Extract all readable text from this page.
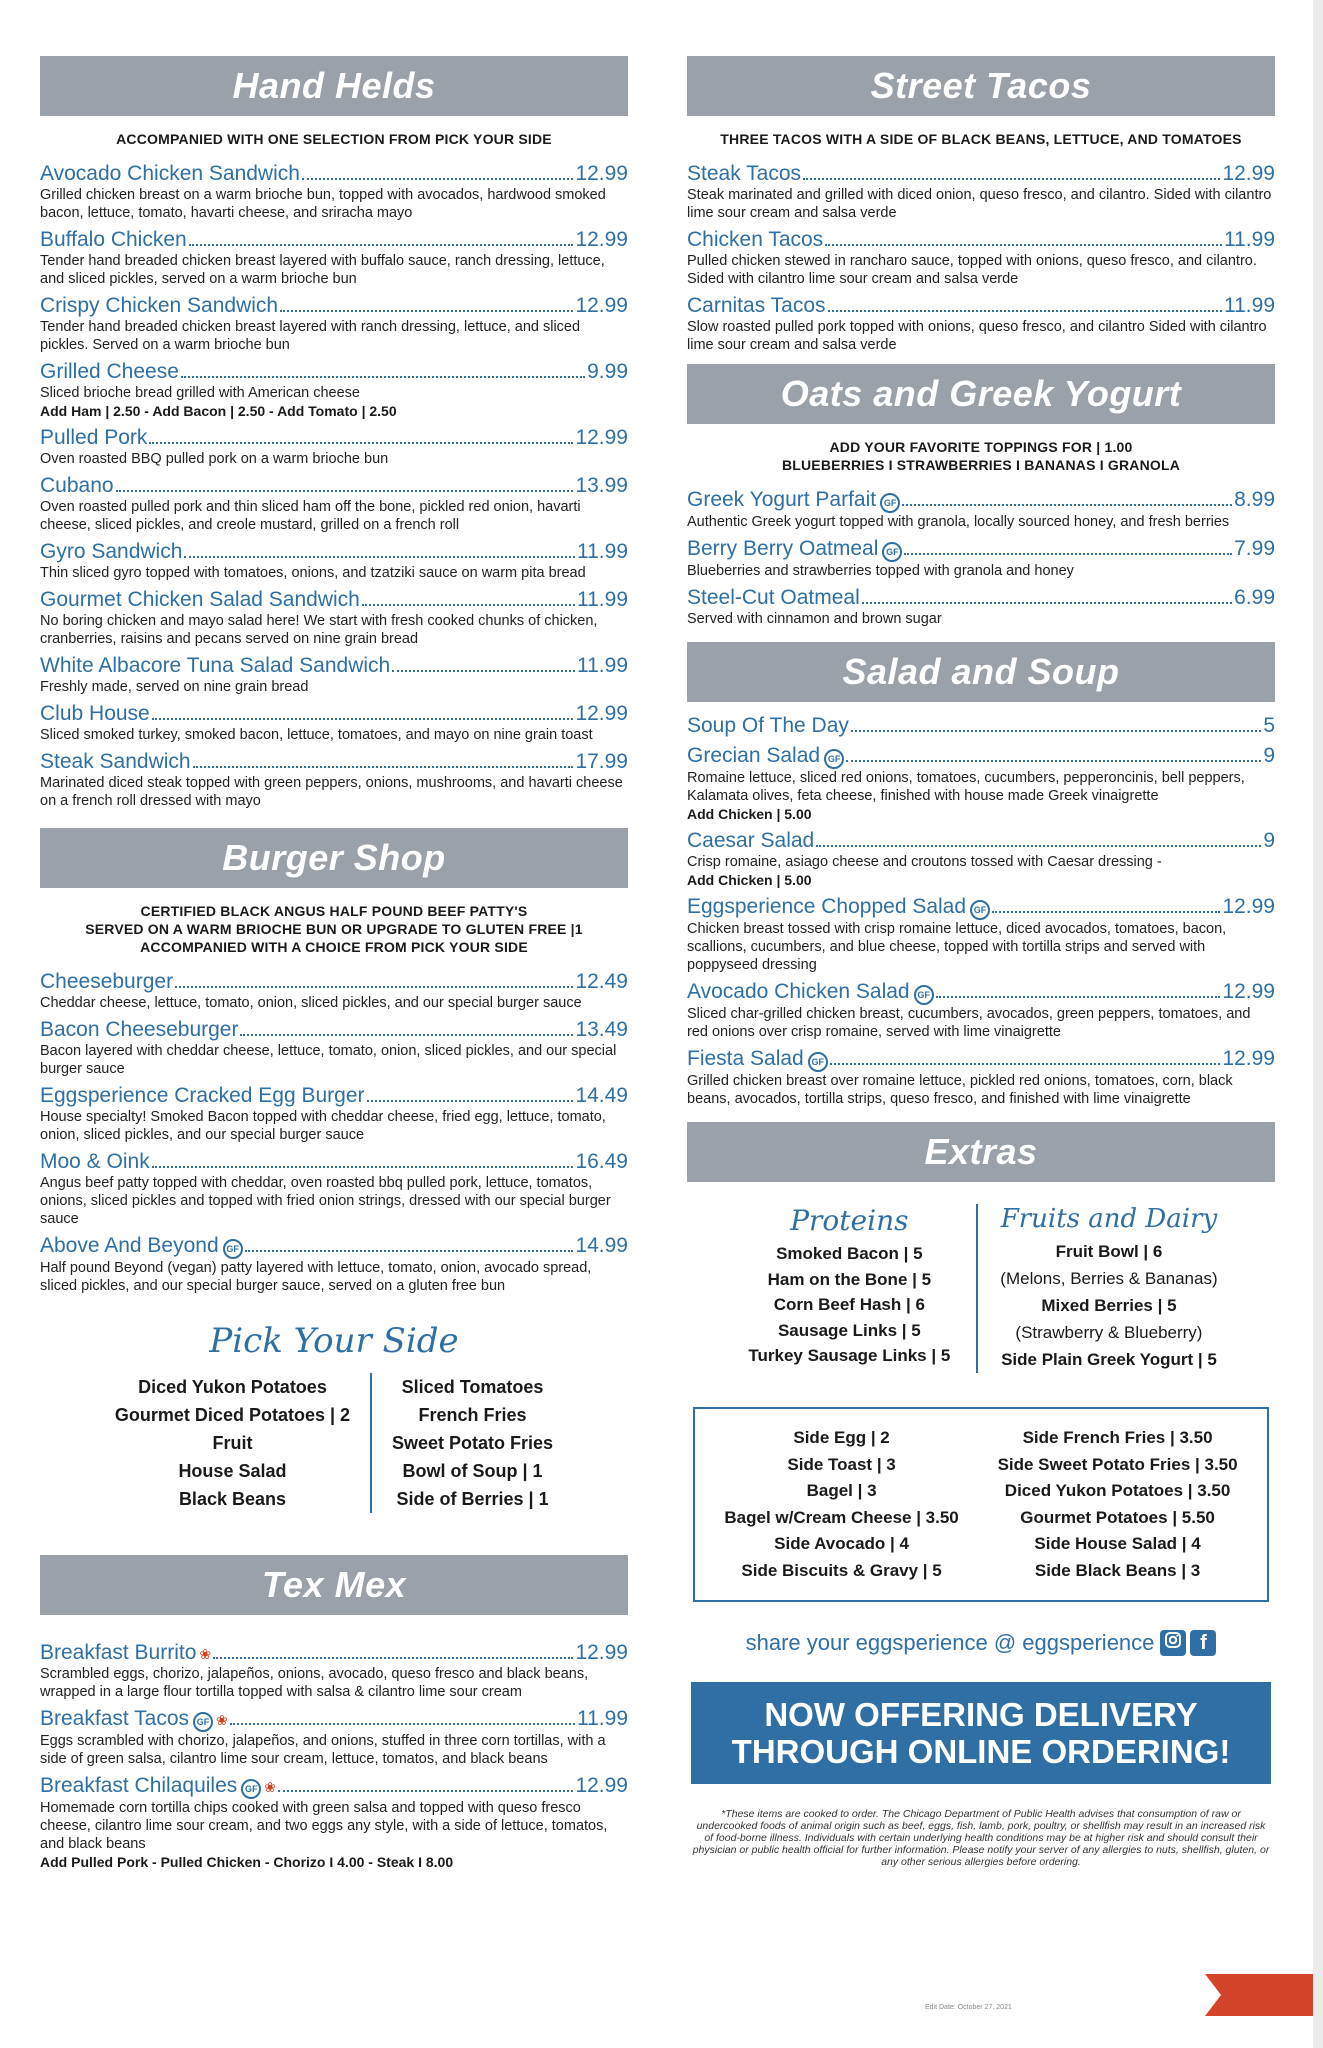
Hand Helds
ACCOMPANIED WITH ONE SELECTION FROM PICK YOUR SIDE
Avocado Chicken Sandwich	12.99
Grilled chicken breast on a warm brioche bun, topped with avocados, hardwood smoked bacon, lettuce, tomato, havarti cheese, and sriracha mayo
Buffalo Chicken	12.99
Tender hand breaded chicken breast layered with buffalo sauce, ranch dressing, lettuce, and sliced pickles, served on a warm brioche bun
Crispy Chicken Sandwich	12.99
Tender hand breaded chicken breast layered with ranch dressing, lettuce, and sliced pickles. Served on a warm brioche bun
Grilled Cheese	9.99
Sliced brioche bread grilled with American cheese
Add Ham | 2.50 - Add Bacon | 2.50 - Add Tomato | 2.50
Pulled Pork	12.99
Oven roasted BBQ pulled pork on a warm brioche bun
Cubano	13.99
Oven roasted pulled pork and thin sliced ham off the bone, pickled red onion, havarti cheese, sliced pickles, and creole mustard, grilled on a french roll
Gyro Sandwich	11.99
Thin sliced gyro topped with tomatoes, onions, and tzatziki sauce on warm pita bread
Gourmet Chicken Salad Sandwich	11.99
No boring chicken and mayo salad here! We start with fresh cooked chunks of chicken, cranberries, raisins and pecans served on nine grain bread
White Albacore Tuna Salad Sandwich	11.99
Freshly made, served on nine grain bread
Club House	12.99
Sliced smoked turkey, smoked bacon, lettuce, tomatoes, and mayo on nine grain toast
Steak Sandwich	17.99
Marinated diced steak topped with green peppers, onions, mushrooms, and havarti cheese on a french roll dressed with mayo
Burger Shop
CERTIFIED BLACK ANGUS HALF POUND BEEF PATTY'S
SERVED ON A WARM BRIOCHE BUN OR UPGRADE TO GLUTEN FREE |1
ACCOMPANIED WITH A CHOICE FROM PICK YOUR SIDE
Cheeseburger	12.49
Cheddar cheese, lettuce, tomato, onion, sliced pickles, and our special burger sauce
Bacon Cheeseburger	13.49
Bacon layered with cheddar cheese, lettuce, tomato, onion, sliced pickles, and our special burger sauce
Eggsperience Cracked Egg Burger	14.49
House specialty! Smoked Bacon topped with cheddar cheese, fried egg, lettuce, tomato, onion, sliced pickles, and our special burger sauce
Moo & Oink	16.49
Angus beef patty topped with cheddar, oven roasted bbq pulled pork, lettuce, tomatos, onions, sliced pickles and topped with fried onion strings, dressed with our special burger sauce
Above And Beyond GF	14.99
Half pound Beyond (vegan) patty layered with lettuce, tomato, onion, avocado spread, sliced pickles, and our special burger sauce, served on a gluten free bun
Pick Your Side
Diced Yukon Potatoes
Gourmet Diced Potatoes | 2
Fruit
House Salad
Black Beans
Sliced Tomatoes
French Fries
Sweet Potato Fries
Bowl of Soup | 1
Side of Berries | 1
Tex Mex
Breakfast Burrito ❀	12.99
Scrambled eggs, chorizo, jalapeños, onions, avocado, queso fresco and black beans, wrapped in a large flour tortilla topped with salsa & cilantro lime sour cream
Breakfast Tacos GF ❀	11.99
Eggs scrambled with chorizo, jalapeños, and onions, stuffed in three corn tortillas, with a side of green salsa, cilantro lime sour cream, lettuce, tomatos, and black beans
Breakfast Chilaquiles GF ❀	12.99
Homemade corn tortilla chips cooked with green salsa and topped with queso fresco cheese, cilantro lime sour cream, and two eggs any style, with a side of lettuce, tomatos, and black beans
Add Pulled Pork - Pulled Chicken - Chorizo I 4.00 - Steak I 8.00
Street Tacos
THREE TACOS WITH A SIDE OF BLACK BEANS, LETTUCE, AND TOMATOES
Steak Tacos	12.99
Steak marinated and grilled with diced onion, queso fresco, and cilantro. Sided with cilantro lime sour cream and salsa verde
Chicken Tacos	11.99
Pulled chicken stewed in rancharo sauce, topped with onions, queso fresco, and cilantro. Sided with cilantro lime sour cream and salsa verde
Carnitas Tacos	11.99
Slow roasted pulled pork topped with onions, queso fresco, and cilantro Sided with cilantro lime sour cream and salsa verde
Oats and Greek Yogurt
ADD YOUR FAVORITE TOPPINGS FOR | 1.00
BLUEBERRIES I STRAWBERRIES I BANANAS I GRANOLA
Greek Yogurt Parfait GF	8.99
Authentic Greek yogurt topped with granola, locally sourced honey, and fresh berries
Berry Berry Oatmeal GF	7.99
Blueberries and strawberries topped with granola and honey
Steel-Cut Oatmeal	6.99
Served with cinnamon and brown sugar
Salad and Soup
Soup Of The Day	5
Grecian Salad GF	9
Romaine lettuce, sliced red onions, tomatoes, cucumbers, pepperoncinis, bell peppers, Kalamata olives, feta cheese, finished with house made Greek vinaigrette
Add Chicken | 5.00
Caesar Salad	9
Crisp romaine, asiago cheese and croutons tossed with Caesar dressing -
Add Chicken | 5.00
Eggsperience Chopped Salad GF	12.99
Chicken breast tossed with crisp romaine lettuce, diced avocados, tomatoes, bacon, scallions, cucumbers, and blue cheese, topped with tortilla strips and served with poppyseed dressing
Avocado Chicken Salad GF	12.99
Sliced char-grilled chicken breast, cucumbers, avocados, green peppers, tomatoes, and red onions over crisp romaine, served with lime vinaigrette
Fiesta Salad GF	12.99
Grilled chicken breast over romaine lettuce, pickled red onions, tomatoes, corn, black beans, avocados, tortilla strips, queso fresco, and finished with lime vinaigrette
Extras
Proteins
Smoked Bacon | 5
Ham on the Bone | 5
Corn Beef Hash | 6
Sausage Links | 5
Turkey Sausage Links | 5
Fruits and Dairy
Fruit Bowl | 6
(Melons, Berries & Bananas)
Mixed Berries | 5
(Strawberry & Blueberry)
Side Plain Greek Yogurt | 5
Side Egg | 2
Side Toast | 3
Bagel | 3
Bagel w/Cream Cheese | 3.50
Side Avocado | 4
Side Biscuits & Gravy | 5
Side French Fries | 3.50
Side Sweet Potato Fries | 3.50
Diced Yukon Potatoes | 3.50
Gourmet Potatoes | 5.50
Side House Salad | 4
Side Black Beans | 3
share your eggsperience @ eggsperience	f
NOW OFFERING DELIVERY
THROUGH ONLINE ORDERING!
*These items are cooked to order. The Chicago Department of Public Health advises that consumption of raw or undercooked foods of animal origin such as beef, eggs, fish, lamb, pork, poultry, or shellfish may result in an increased risk of food-borne illness. Individuals with certain underlying health conditions may be at higher risk and should consult their physician or public health official for further information. Please notify your server of any allergies to nuts, shellfish, gluten, or any other serious allergies before ordering.
Edit Date: October 27, 2021
